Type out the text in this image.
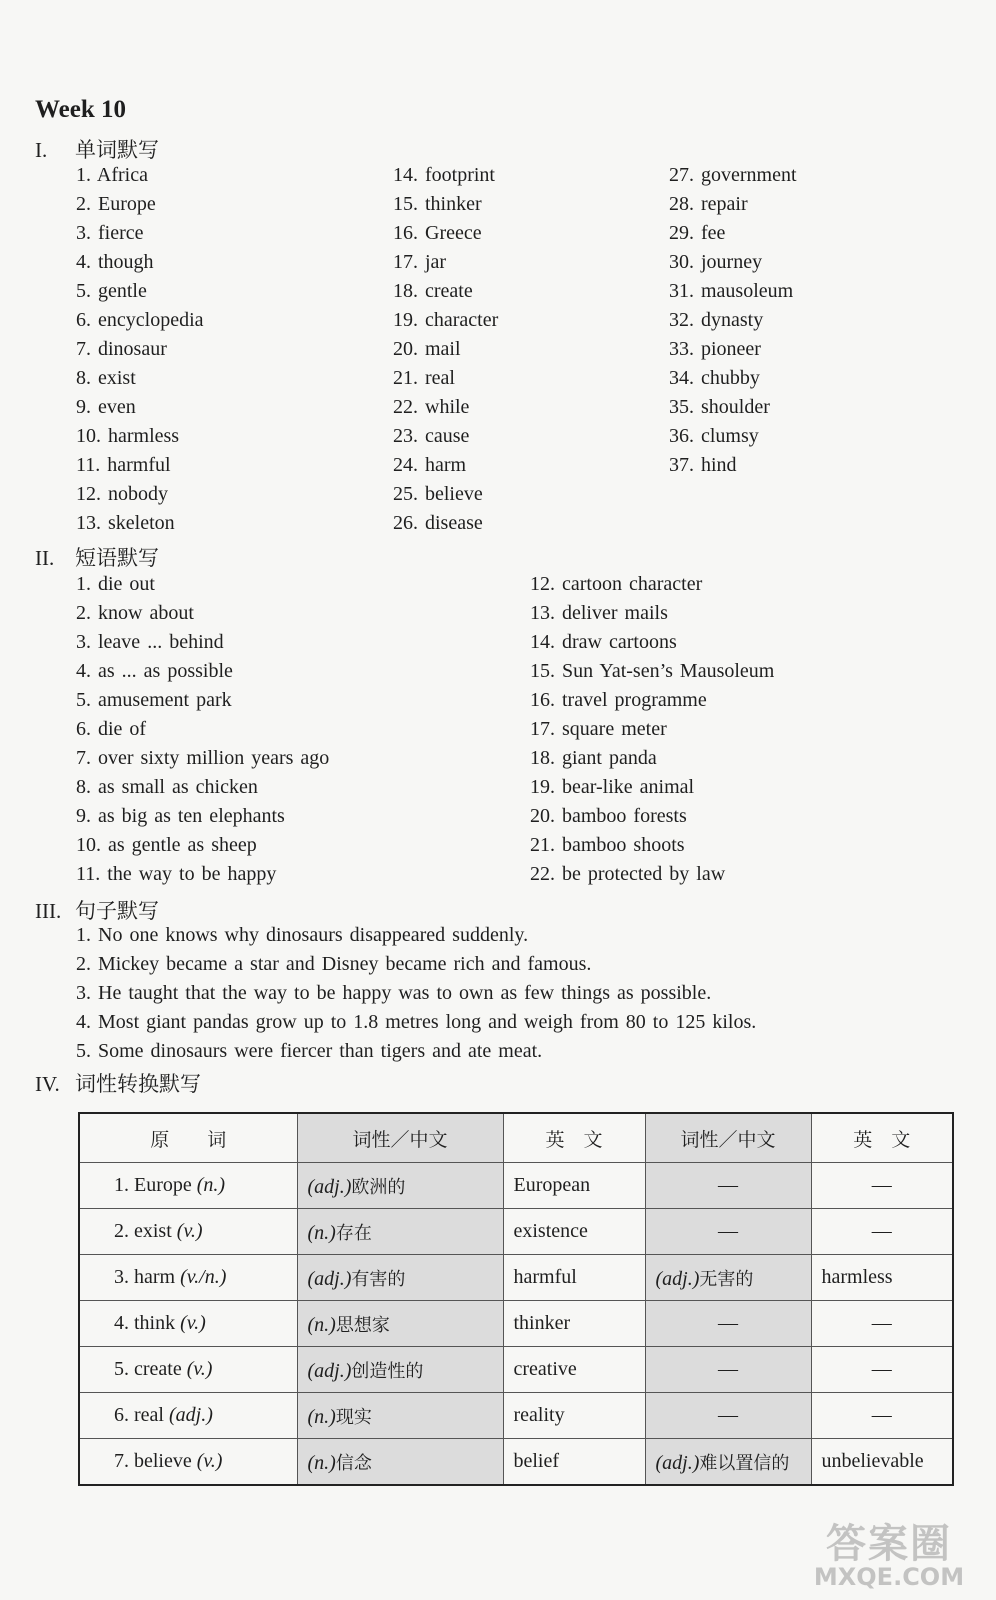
Week 10
I. 单词默写
1. Africa
2. Europe
3. fierce
4. though
5. gentle
6. encyclopedia
7. dinosaur
8. exist
9. even
10. harmless
11. harmful
12. nobody
13. skeleton
14. footprint
15. thinker
16. Greece
17. jar
18. create
19. character
20. mail
21. real
22. while
23. cause
24. harm
25. believe
26. disease
27. government
28. repair
29. fee
30. journey
31. mausoleum
32. dynasty
33. pioneer
34. chubby
35. shoulder
36. clumsy
37. hind
II. 短语默写
1. die out
2. know about
3. leave ... behind
4. as ... as possible
5. amusement park
6. die of
7. over sixty million years ago
8. as small as chicken
9. as big as ten elephants
10. as gentle as sheep
11. the way to be happy
12. cartoon character
13. deliver mails
14. draw cartoons
15. Sun Yat-sen’s Mausoleum
16. travel programme
17. square meter
18. giant panda
19. bear-like animal
20. bamboo forests
21. bamboo shoots
22. be protected by law
III. 句子默写
1. No one knows why dinosaurs disappeared suddenly.
2. Mickey became a star and Disney became rich and famous.
3. He taught that the way to be happy was to own as few things as possible.
4. Most giant pandas grow up to 1.8 metres long and weigh from 80 to 125 kilos.
5. Some dinosaurs were fiercer than tigers and ate meat.
IV. 词性转换默写
原　　词	词性／中文	英　文	词性／中文	英　文
1. Europe (n.)	(adj.)欧洲的	European	—	—
2. exist (v.)	(n.)存在	existence	—	—
3. harm (v./n.)	(adj.)有害的	harmful	(adj.)无害的	harmless
4. think (v.)	(n.)思想家	thinker	—	—
5. create (v.)	(adj.)创造性的	creative	—	—
6. real (adj.)	(n.)现实	reality	—	—
7. believe (v.)	(n.)信念	belief	(adj.)难以置信的	unbelievable
答案圈
MXQE.COM
